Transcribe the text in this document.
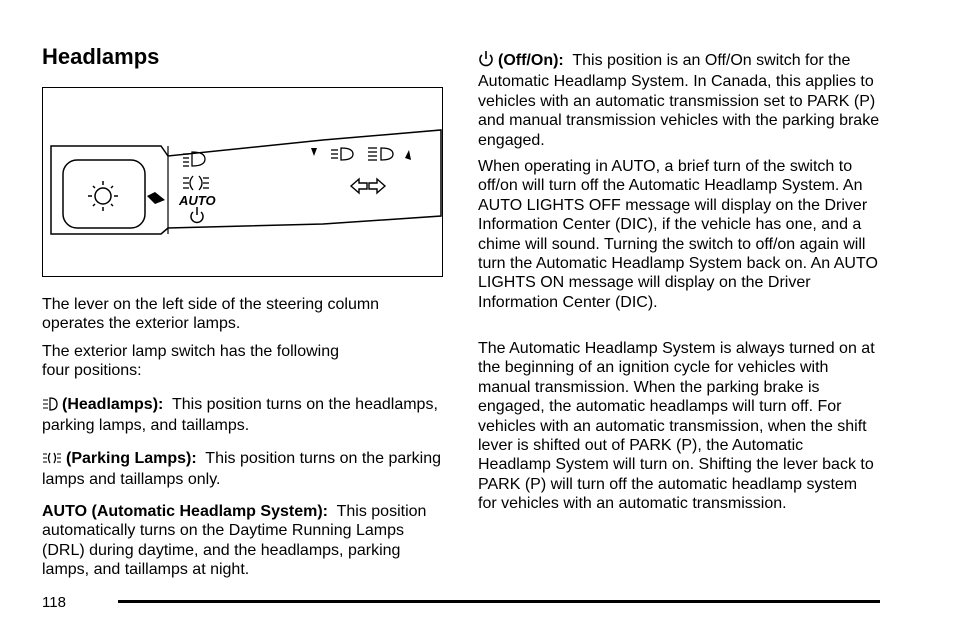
Headlamps
AUTO
The lever on the left side of the steering column operates the exterior lamps.
The exterior lamp switch has the following
four positions:
(Headlamps): This position turns on the headlamps, parking lamps, and taillamps.
(Parking Lamps): This position turns on the parking lamps and taillamps only.
AUTO (Automatic Headlamp System): This position automatically turns on the Daytime Running Lamps (DRL) during daytime, and the headlamps, parking lamps, and taillamps at night.
(Off/On): This position is an Off/On switch for the Automatic Headlamp System. In Canada, this applies to vehicles with an automatic transmission set to PARK (P) and manual transmission vehicles with the parking brake engaged.
When operating in AUTO, a brief turn of the switch to off/on will turn off the Automatic Headlamp System. An AUTO LIGHTS OFF message will display on the Driver Information Center (DIC), if the vehicle has one, and a chime will sound. Turning the switch to off/on again will turn the Automatic Headlamp System back on. An AUTO LIGHTS ON message will display on the Driver Information Center (DIC).
The Automatic Headlamp System is always turned on at the beginning of an ignition cycle for vehicles with manual transmission. When the parking brake is engaged, the automatic headlamps will turn off. For vehicles with an automatic transmission, when the shift lever is shifted out of PARK (P), the Automatic Headlamp System will turn on. Shifting the lever back to PARK (P) will turn off the automatic headlamp system for vehicles with an automatic transmission.
118
